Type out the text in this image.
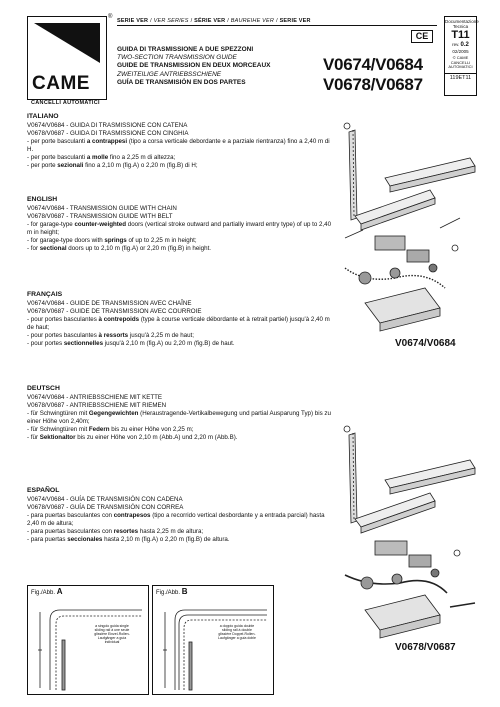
CAME
CANCELLI AUTOMATICI
®
SERIE VER / VER SERIES / SÉRIE VER / BAUREIHE VER / SERIE VER
CE
GUIDA DI TRASMISSIONE A DUE SPEZZONI
TWO-SECTION TRANSMISSION GUIDE
GUIDE DE TRANSMISSION EN DEUX MORCEAUX
ZWEITEILIGE ANTRIEBSSCHIENE
GUÍA DE TRANSMISIÓN EN DOS PARTES
V0674/V0684
V0678/V0687
Documentazione Tecnica
T11
rev. 0.2
02/2005
© CAME CANCELLI AUTOMATICI
119ET11
ITALIANO
V0674/V0684 - GUIDA DI TRASMISSIONE CON CATENA
V0678/V0687 - GUIDA DI TRASMISSIONE CON CINGHIA
- per porte basculanti a contrappesi (tipo a corsa verticale debordante e a parziale rientranza) fino a 2,40 m di H.
- per porte basculanti a molle fino a 2,25 m di altezza;
- per porte sezionali fino a 2,10 m (fig.A) o 2,20 m (fig.B) di H;
ENGLISH
V0674/V0684 - TRANSMISSION GUIDE WITH CHAIN
V0678/V0687 - TRANSMISSION GUIDE WITH BELT
- for garage-type counter-weighted doors (vertical stroke outward and partially inward entry type) of up to 2,40 m in height;
- for garage-type doors with springs of up to 2,25 m in height;
- for sectional doors up to 2,10 m (fig.A) or 2,20 m (fig.B) in height.
FRANÇAIS
V0674/V0684 - GUIDE DE TRANSMISSION AVEC CHAÎNE
V0678/V0687 - GUIDE DE TRANSMISSION AVEC COURROIE
- pour portes basculantes à contrepoids (type à course verticale débordante et à retrait partiel) jusqu'à 2,40 m de haut;
- pour portes basculantes à ressorts jusqu'à 2,25 m de haut;
- pour portes sectionnelles jusqu'à 2,10 m (fig.A) ou 2,20 m (fig.B) de haut.
DEUTSCH
V0674/V0684 - ANTRIEBSSCHIENE MIT KETTE
V0678/V0687 - ANTRIEBSSCHIENE MIT RIEMEN
- für Schwingtüren mit Gegengewichten (Heraustragende-Vertikalbewegung und partial Ausparung Typ) bis zu einer Höhe von 2,40m;
- für Schwingtüren mit Federn bis zu einer Höhe von 2,25 m;
- für Sektionaltor bis zu einer Höhe von 2,10 m (Abb.A) und 2,20 m (Abb.B).
ESPAÑOL
V0674/V0684 - GUÍA DE TRANSMISIÓN CON CADENA
V0678/V0687 - GUÍA DE TRANSMISIÓN CON CORREA
- para puertas basculantes con contrapesos (tipo a recorrido vertical desbordante y a entrada parcial) hasta 2,40 m de altura;
- para puertas basculantes con resortes hasta 2,25 m de altura;
- para puertas seccionales hasta 2,10 m (fig.A) o 2,20 m (fig.B) de altura.
V0674/V0684
V0678/V0687
Fig./Abb. A
a singolo guida single sliding rail à une seule glissière Einzel-Rollen-Laufgänger a guía individual
Fig./Abb. B
a doppio guida double sliding rail à double glissière Doppel-Rollen-Laufgänger a guía doble
